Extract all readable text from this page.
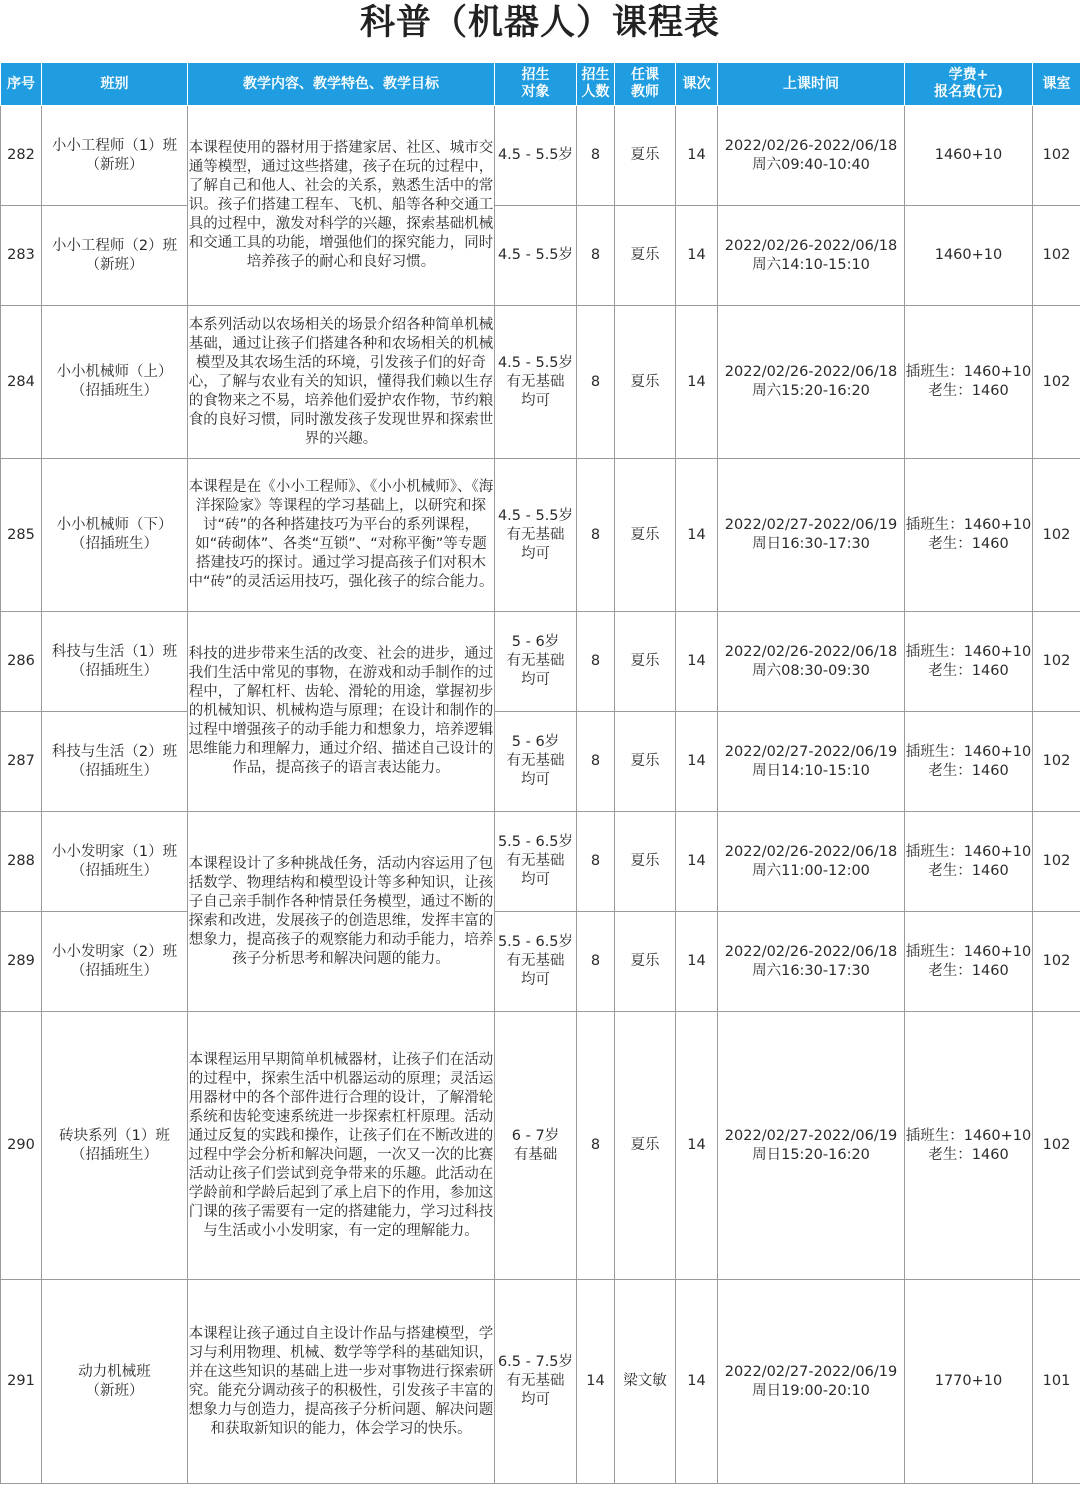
科普（机器人）课程表
序号	班别	教学内容、教学特色、教学目标	招生
对象	招生
人数	任课
教师	课次	上课时间	学费+
报名费(元)	课室
282	小小工程师（1）班
（新班）	本课程使用的器材用于搭建家居、社区、城市交通等模型，通过这些搭建，孩子在玩的过程中，了解自己和他人、社会的关系，熟悉生活中的常识。孩子们搭建工程车、飞机、船等各种交通工具的过程中，激发对科学的兴趣，探索基础机械和交通工具的功能，增强他们的探究能力，同时培养孩子的耐心和良好习惯。	4.5 - 5.5岁	8	夏乐	14	2022/02/26-2022/06/18
周六09:40-10:40	1460+10	102
283	小小工程师（2）班
（新班）		4.5 - 5.5岁	8	夏乐	14	2022/02/26-2022/06/18
周六14:10-15:10	1460+10	102
284	小小机械师（上）
（招插班生）	本系列活动以农场相关的场景介绍各种简单机械基础，通过让孩子们搭建各种和农场相关的机械模型及其农场生活的环境，引发孩子们的好奇心，了解与农业有关的知识，懂得我们赖以生存的食物来之不易，培养他们爱护农作物，节约粮食的良好习惯，同时激发孩子发现世界和探索世界的兴趣。	4.5 - 5.5岁
有无基础
均可	8	夏乐	14	2022/02/26-2022/06/18
周六15:20-16:20	插班生：1460+10
老生：1460	102
285	小小机械师（下）
（招插班生）	本课程是在《小小工程师》、《小小机械师》、《海洋探险家》等课程的学习基础上，以研究和探讨“砖”的各种搭建技巧为平台的系列课程，如“砖砌体”、各类“互锁”、“对称平衡”等专题搭建技巧的探讨。通过学习提高孩子们对积木中“砖”的灵活运用技巧，强化孩子的综合能力。	4.5 - 5.5岁
有无基础
均可	8	夏乐	14	2022/02/27-2022/06/19
周日16:30-17:30	插班生：1460+10
老生：1460	102
286	科技与生活（1）班
（招插班生）	科技的进步带来生活的改变、社会的进步，通过我们生活中常见的事物，在游戏和动手制作的过程中，了解杠杆、齿轮、滑轮的用途，掌握初步的机械知识、机械构造与原理；在设计和制作的过程中增强孩子的动手能力和想象力，培养逻辑思维能力和理解力，通过介绍、描述自己设计的作品，提高孩子的语言表达能力。	5 - 6岁
有无基础
均可	8	夏乐	14	2022/02/26-2022/06/18
周六08:30-09:30	插班生：1460+10
老生：1460	102
287	科技与生活（2）班
（招插班生）		5 - 6岁
有无基础
均可	8	夏乐	14	2022/02/27-2022/06/19
周日14:10-15:10	插班生：1460+10
老生：1460	102
288	小小发明家（1）班
（招插班生）	本课程设计了多种挑战任务，活动内容运用了包括数学、物理结构和模型设计等多种知识，让孩子自己亲手制作各种情景任务模型，通过不断的探索和改进，发展孩子的创造思维，发挥丰富的想象力，提高孩子的观察能力和动手能力，培养孩子分析思考和解决问题的能力。	5.5 - 6.5岁
有无基础
均可	8	夏乐	14	2022/02/26-2022/06/18
周六11:00-12:00	插班生：1460+10
老生：1460	102
289	小小发明家（2）班
（招插班生）		5.5 - 6.5岁
有无基础
均可	8	夏乐	14	2022/02/26-2022/06/18
周六16:30-17:30	插班生：1460+10
老生：1460	102
290	砖块系列（1）班
（招插班生）	本课程运用早期简单机械器材，让孩子们在活动的过程中，探索生活中机器运动的原理；灵活运用器材中的各个部件进行合理的设计，了解滑轮系统和齿轮变速系统进一步探索杠杆原理。活动通过反复的实践和操作，让孩子们在不断改进的过程中学会分析和解决问题，一次又一次的比赛活动让孩子们尝试到竞争带来的乐趣。此活动在学龄前和学龄后起到了承上启下的作用，参加这门课的孩子需要有一定的搭建能力，学习过科技与生活或小小发明家，有一定的理解能力。	6 - 7岁
有基础	8	夏乐	14	2022/02/27-2022/06/19
周日15:20-16:20	插班生：1460+10
老生：1460	102
291	动力机械班
（新班）	本课程让孩子通过自主设计作品与搭建模型，学习与利用物理、机械、数学等学科的基础知识，并在这些知识的基础上进一步对事物进行探索研究。能充分调动孩子的积极性，引发孩子丰富的想象力与创造力，提高孩子分析问题、解决问题和获取新知识的能力，体会学习的快乐。	6.5 - 7.5岁
有无基础
均可	14	梁文敏	14	2022/02/27-2022/06/19
周日19:00-20:10	1770+10	101
